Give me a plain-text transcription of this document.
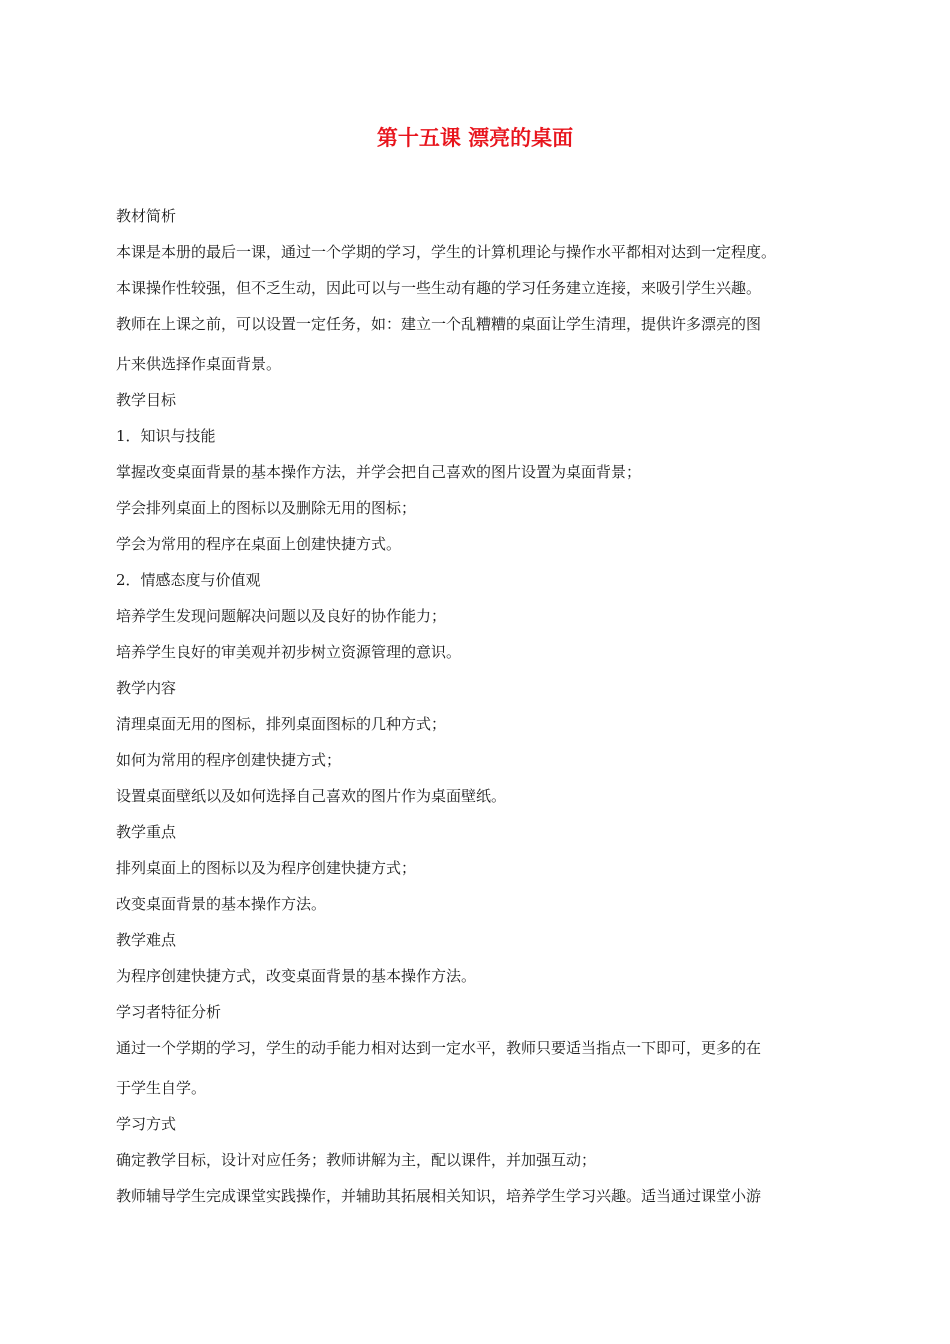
第十五课 漂亮的桌面

教材简析

本课是本册的最后一课，通过一个学期的学习，学生的计算机理论与操作水平都相对达到一定程度。

本课操作性较强，但不乏生动，因此可以与一些生动有趣的学习任务建立连接，来吸引学生兴趣。

教师在上课之前，可以设置一定任务，如：建立一个乱糟糟的桌面让学生清理，提供许多漂亮的图

片来供选择作桌面背景。

教学目标

1．知识与技能

掌握改变桌面背景的基本操作方法，并学会把自己喜欢的图片设置为桌面背景；

学会排列桌面上的图标以及删除无用的图标；

学会为常用的程序在桌面上创建快捷方式。

2．情感态度与价值观

培养学生发现问题解决问题以及良好的协作能力；

培养学生良好的审美观并初步树立资源管理的意识。

教学内容

清理桌面无用的图标，排列桌面图标的几种方式；

如何为常用的程序创建快捷方式；

设置桌面壁纸以及如何选择自己喜欢的图片作为桌面壁纸。

教学重点

排列桌面上的图标以及为程序创建快捷方式；

改变桌面背景的基本操作方法。

教学难点

为程序创建快捷方式，改变桌面背景的基本操作方法。

学习者特征分析

通过一个学期的学习，学生的动手能力相对达到一定水平，教师只要适当指点一下即可，更多的在

于学生自学。

学习方式

确定教学目标，设计对应任务；教师讲解为主，配以课件，并加强互动；

教师辅导学生完成课堂实践操作，并辅助其拓展相关知识，培养学生学习兴趣。适当通过课堂小游
